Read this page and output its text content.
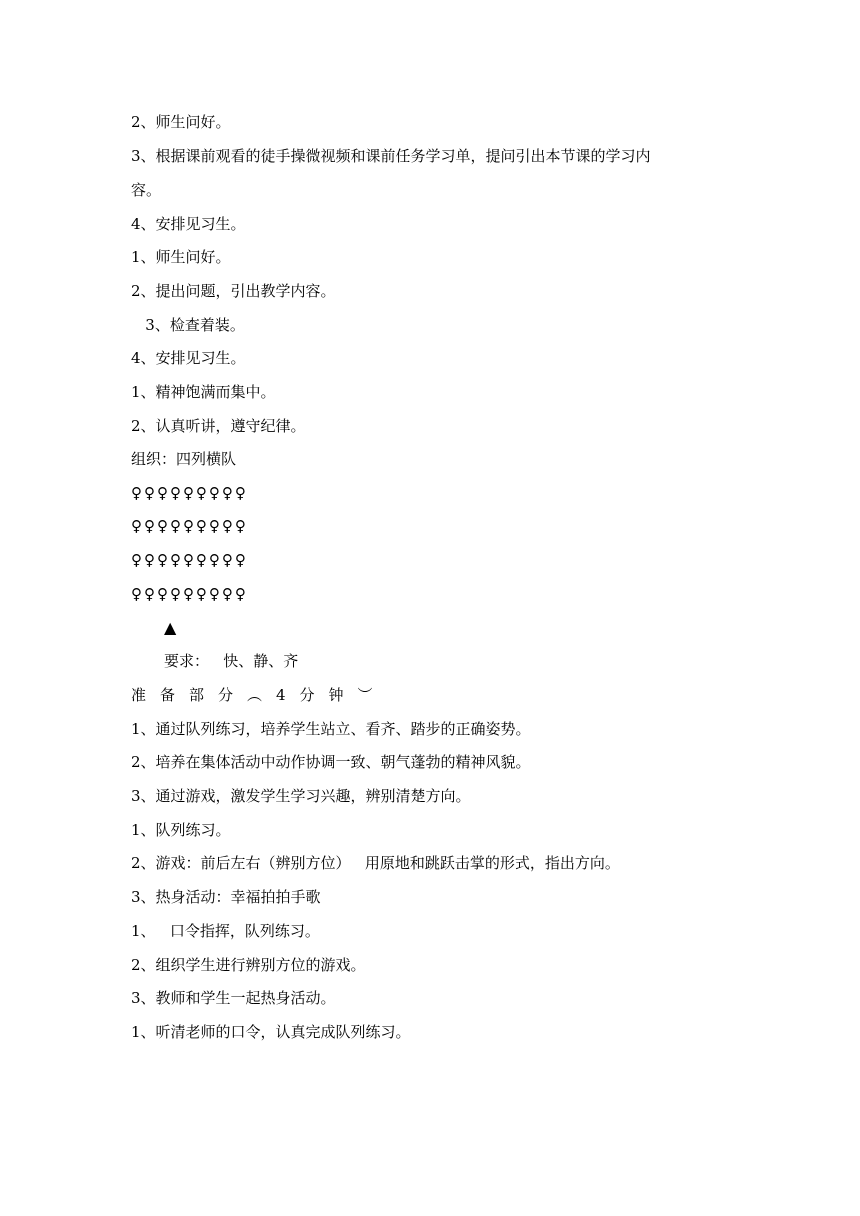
2、师生问好。
3、根据课前观看的徒手操微视频和课前任务学习单，提问引出本节课的学习内
容。
4、安排见习生。
1、师生问好。
2、提出问题，引出教学内容。
3、检查着装。
4、安排见习生。
1、精神饱满而集中。
2、认真听讲，遵守纪律。
组织：四列横队
♀♀♀♀♀♀♀♀♀
♀♀♀♀♀♀♀♀♀
♀♀♀♀♀♀♀♀♀
♀♀♀♀♀♀♀♀♀
▲
要求：   快、静、齐
准备部分︵4分钟︶
1、通过队列练习，培养学生站立、看齐、踏步的正确姿势。
2、培养在集体活动中动作协调一致、朝气蓬勃的精神风貌。
3、通过游戏，激发学生学习兴趣，辨别清楚方向。
1、队列练习。
2、游戏：前后左右（辨别方位）   用原地和跳跃击掌的形式，指出方向。
3、热身活动：幸福拍拍手歌
1、   口令指挥，队列练习。
2、组织学生进行辨别方位的游戏。
3、教师和学生一起热身活动。
1、听清老师的口令，认真完成队列练习。
